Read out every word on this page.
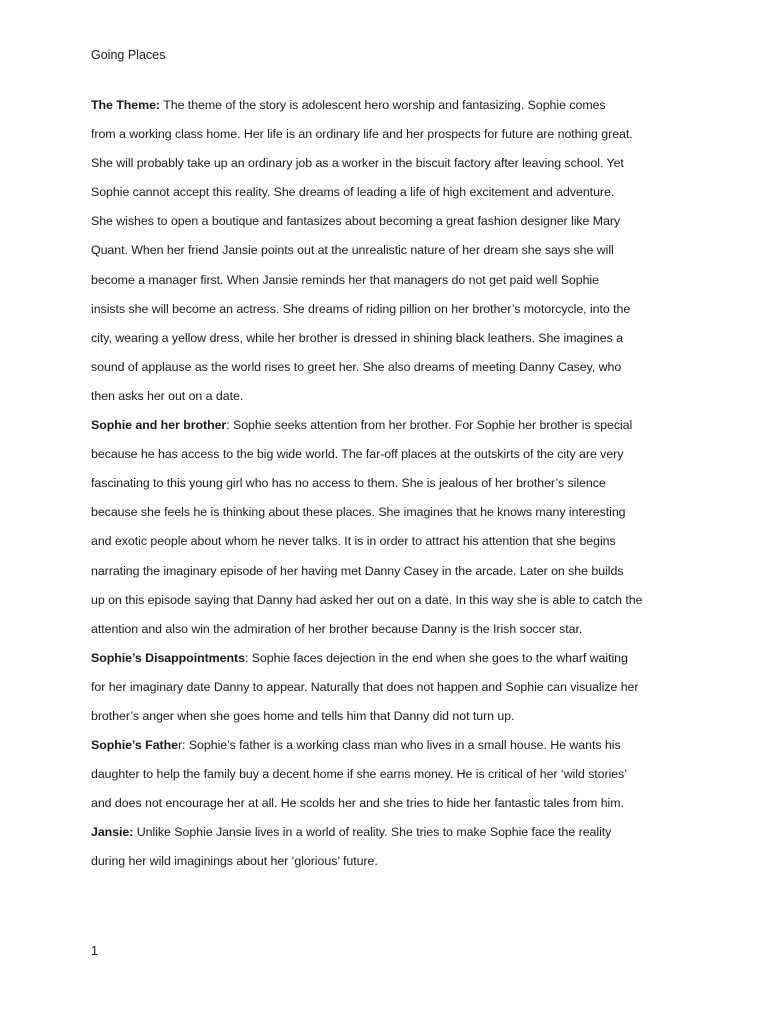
Going Places

The Theme: The theme of the story is adolescent hero worship and fantasizing. Sophie comes
from a working class home. Her life is an ordinary life and her prospects for future are nothing great.
She will probably take up an ordinary job as a worker in the biscuit factory after leaving school. Yet
Sophie cannot accept this reality. She dreams of leading a life of high excitement and adventure.
She wishes to open a boutique and fantasizes about becoming a great fashion designer like Mary
Quant. When her friend Jansie points out at the unrealistic nature of her dream she says she will
become a manager first. When Jansie reminds her that managers do not get paid well Sophie
insists she will become an actress. She dreams of riding pillion on her brother’s motorcycle, into the
city, wearing a yellow dress, while her brother is dressed in shining black leathers. She imagines a
sound of applause as the world rises to greet her. She also dreams of meeting Danny Casey, who
then asks her out on a date.

Sophie and her brother: Sophie seeks attention from her brother. For Sophie her brother is special
because he has access to the big wide world. The far-off places at the outskirts of the city are very
fascinating to this young girl who has no access to them. She is jealous of her brother’s silence
because she feels he is thinking about these places. She imagines that he knows many interesting
and exotic people about whom he never talks. It is in order to attract his attention that she begins
narrating the imaginary episode of her having met Danny Casey in the arcade. Later on she builds
up on this episode saying that Danny had asked her out on a date. In this way she is able to catch the
attention and also win the admiration of her brother because Danny is the Irish soccer star.

Sophie’s Disappointments: Sophie faces dejection in the end when she goes to the wharf waiting
for her imaginary date Danny to appear. Naturally that does not happen and Sophie can visualize her
brother’s anger when she goes home and tells him that Danny did not turn up.

Sophie’s Father: Sophie’s father is a working class man who lives in a small house. He wants his
daughter to help the family buy a decent home if she earns money. He is critical of her ‘wild stories’
and does not encourage her at all. He scolds her and she tries to hide her fantastic tales from him.

Jansie: Unlike Sophie Jansie lives in a world of reality. She tries to make Sophie face the reality
during her wild imaginings about her ‘glorious’ future.

1
